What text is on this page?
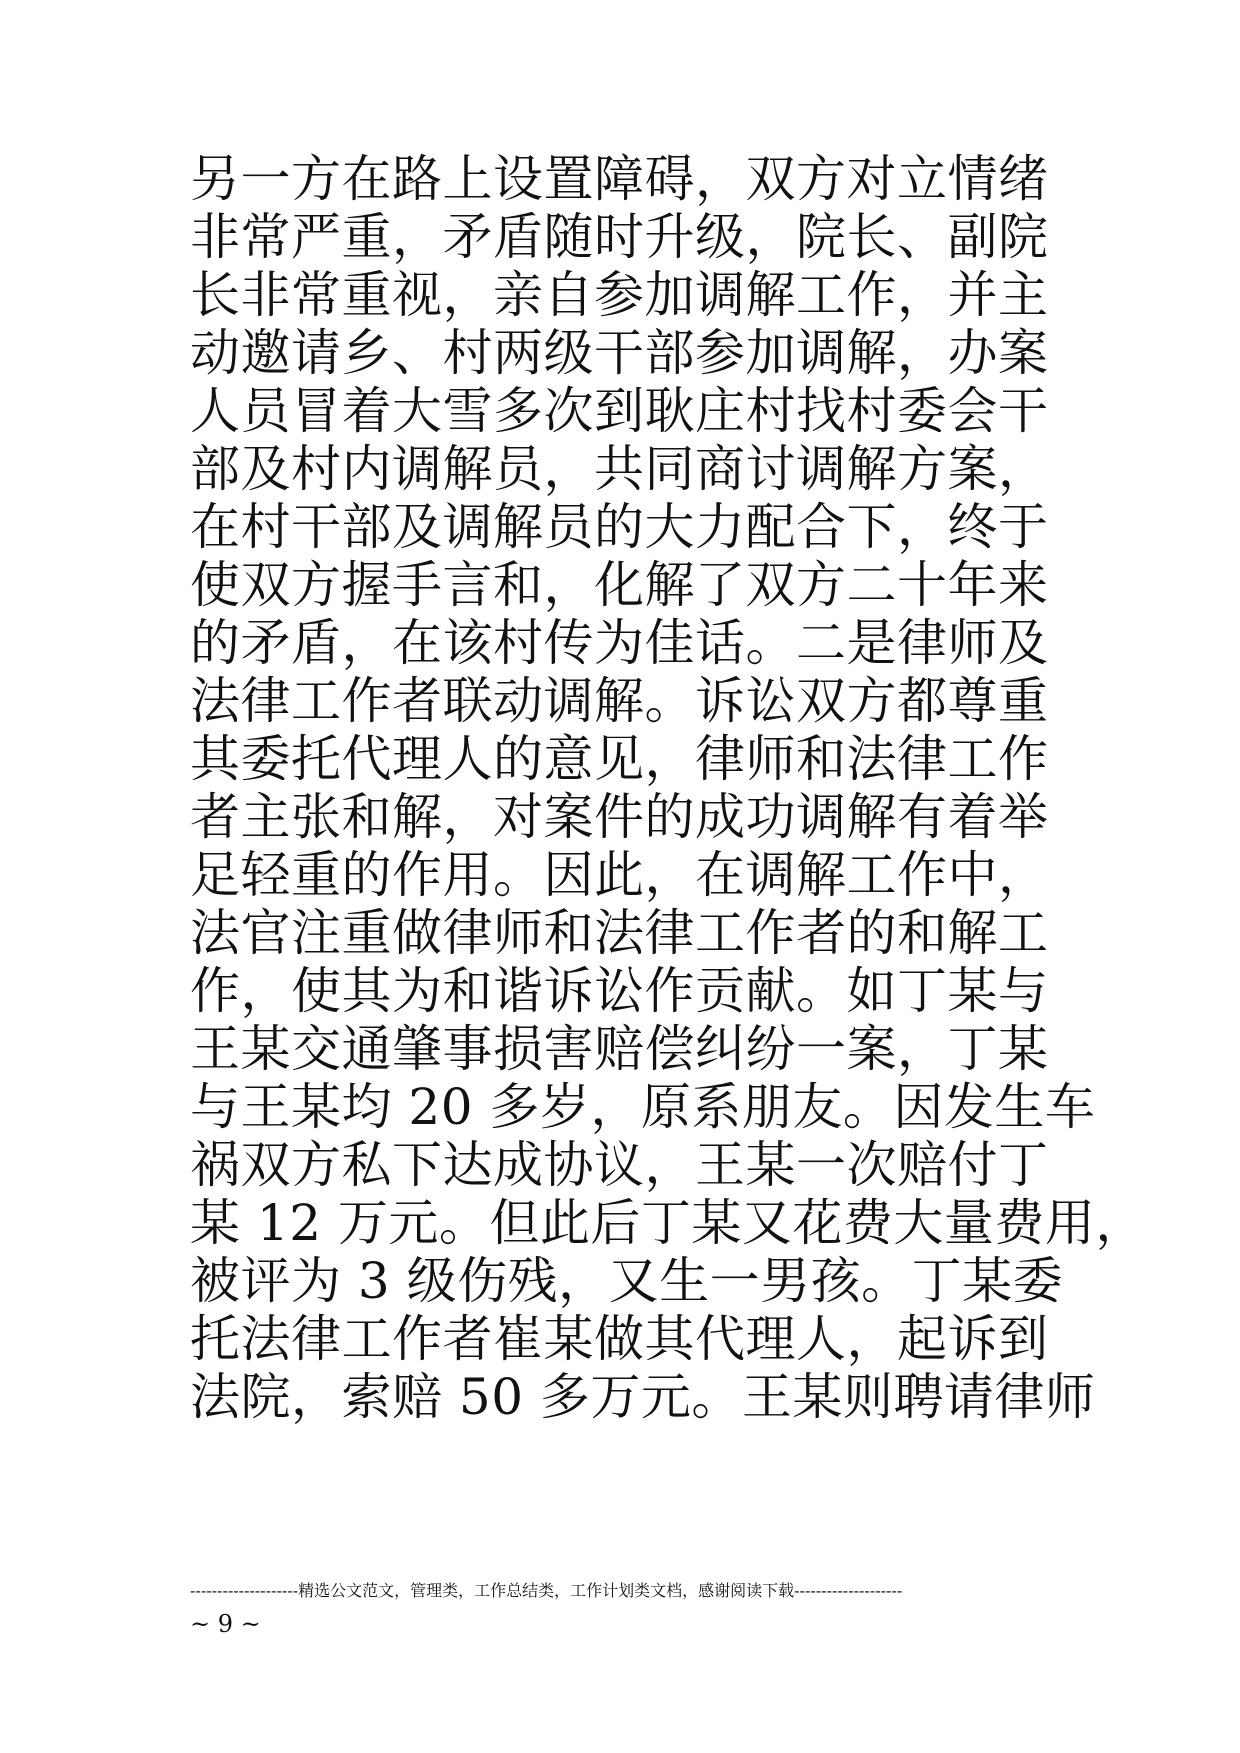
另一方在路上设置障碍，双方对立情绪
非常严重，矛盾随时升级，院长、副院
长非常重视，亲自参加调解工作，并主
动邀请乡、村两级干部参加调解，办案
人员冒着大雪多次到耿庄村找村委会干
部及村内调解员，共同商讨调解方案，
在村干部及调解员的大力配合下，终于
使双方握手言和，化解了双方二十年来
的矛盾，在该村传为佳话。二是律师及
法律工作者联动调解。诉讼双方都尊重
其委托代理人的意见，律师和法律工作
者主张和解，对案件的成功调解有着举
足轻重的作用。因此，在调解工作中，
法官注重做律师和法律工作者的和解工
作，使其为和谐诉讼作贡献。如丁某与
王某交通肇事损害赔偿纠纷一案，丁某
与王某均 20 多岁，原系朋友。因发生车
祸双方私下达成协议，王某一次赔付丁
某 12 万元。但此后丁某又花费大量费用，
被评为 3 级伤残，又生一男孩。丁某委
托法律工作者崔某做其代理人，起诉到
法院，索赔 50 多万元。王某则聘请律师
--------------------精选公文范文，管理类，工作总结类，工作计划类文档，感谢阅读下载--------------------
~ 9 ~
